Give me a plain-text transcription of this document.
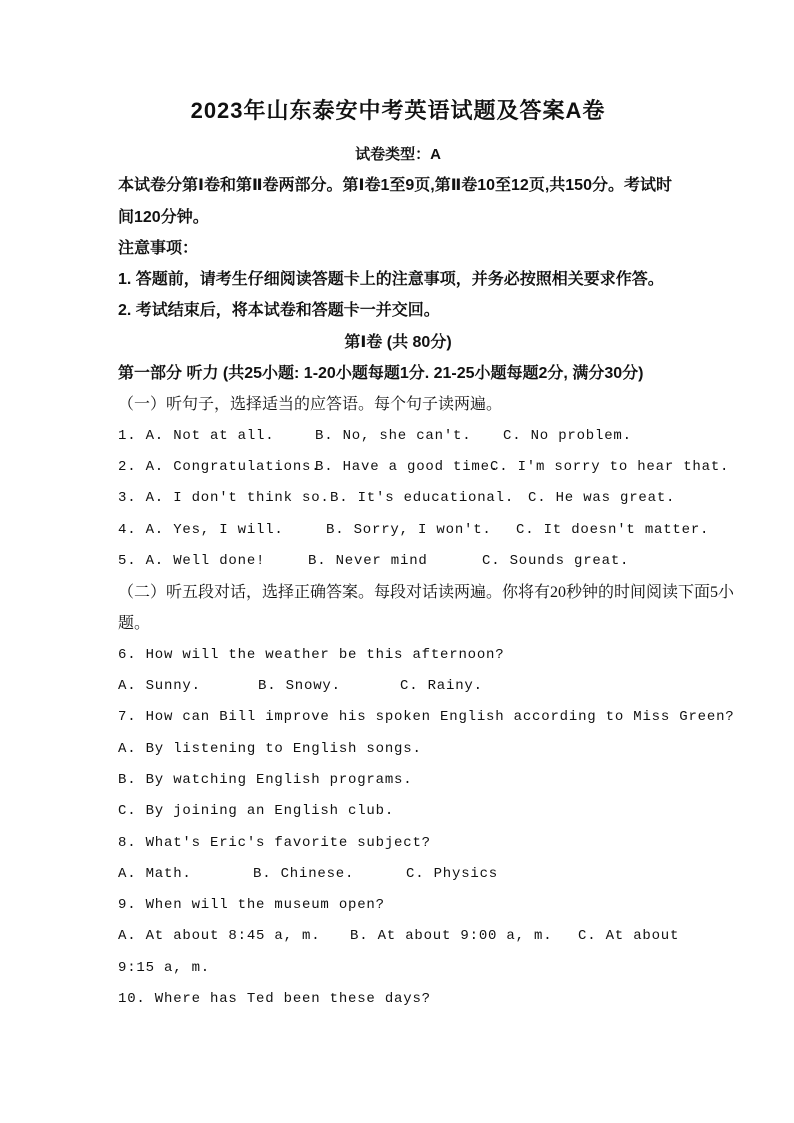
2023年山东泰安中考英语试题及答案A卷
试卷类型：A
本试卷分第Ⅰ卷和第Ⅱ卷两部分。第Ⅰ卷1至9页,第Ⅱ卷10至12页,共150分。考试时
间120分钟。
注意事项：
1. 答题前，请考生仔细阅读答题卡上的注意事项，并务必按照相关要求作答。
2. 考试结束后，将本试卷和答题卡一并交回。
第Ⅰ卷 (共 80分)
第一部分 听力 (共25小题: 1-20小题每题1分. 21-25小题每题2分, 满分30分)
（一）听句子，选择适当的应答语。每个句子读两遍。
1. A. Not at all.	B. No, she can't.	C. No problem.
2. A. Congratulations.
B. Have a good time.
C. I'm sorry to hear that.
3. A. I don't think so. B. It's educational. C. He was great.
4. A. Yes, I will.	B. Sorry, I won't.	C. It doesn't matter.
5. A. Well done!	B. Never mind	C. Sounds great.
（二）听五段对话，选择正确答案。每段对话读两遍。你将有20秒钟的时间阅读下面5小
题。
6. How will the weather be this afternoon?
A. Sunny.	B. Snowy.	C. Rainy.
7. How can Bill improve his spoken English according to Miss Green?
A. By listening to English songs.
B. By watching English programs.
C. By joining an English club.
8. What's Eric's favorite subject?
A. Math.	B. Chinese.	C. Physics
9. When will the museum open?
A. At about 8:45 a, m.	B. At about 9:00 a, m.	C. At about
9:15 a, m.
10. Where has Ted been these days?
